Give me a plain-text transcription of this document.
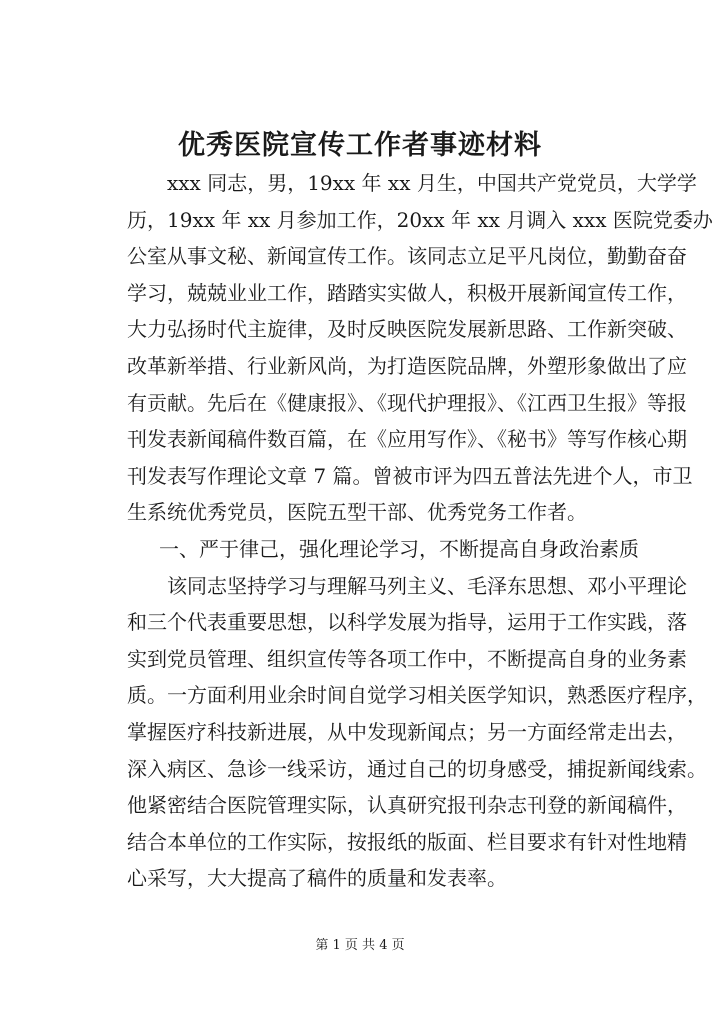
优秀医院宣传工作者事迹材料
xxx 同志，男，19xx 年 xx 月生，中国共产党党员，大学学
历，19xx 年 xx 月参加工作，20xx 年 xx 月调入 xxx 医院党委办
公室从事文秘、新闻宣传工作。该同志立足平凡岗位，勤勤奋奋
学习，兢兢业业工作，踏踏实实做人，积极开展新闻宣传工作，
大力弘扬时代主旋律，及时反映医院发展新思路、工作新突破、
改革新举措、行业新风尚，为打造医院品牌，外塑形象做出了应
有贡献。先后在《健康报》、《现代护理报》、《江西卫生报》等报
刊发表新闻稿件数百篇，在《应用写作》、《秘书》等写作核心期
刊发表写作理论文章 7 篇。曾被市评为四五普法先进个人，市卫
生系统优秀党员，医院五型干部、优秀党务工作者。
一、严于律己，强化理论学习，不断提高自身政治素质
该同志坚持学习与理解马列主义、毛泽东思想、邓小平理论
和三个代表重要思想，以科学发展为指导，运用于工作实践，落
实到党员管理、组织宣传等各项工作中，不断提高自身的业务素
质。一方面利用业余时间自觉学习相关医学知识，熟悉医疗程序，
掌握医疗科技新进展，从中发现新闻点；另一方面经常走出去，
深入病区、急诊一线采访，通过自己的切身感受，捕捉新闻线索。
他紧密结合医院管理实际，认真研究报刊杂志刊登的新闻稿件，
结合本单位的工作实际，按报纸的版面、栏目要求有针对性地精
心采写，大大提高了稿件的质量和发表率。
第 1 页 共 4 页
